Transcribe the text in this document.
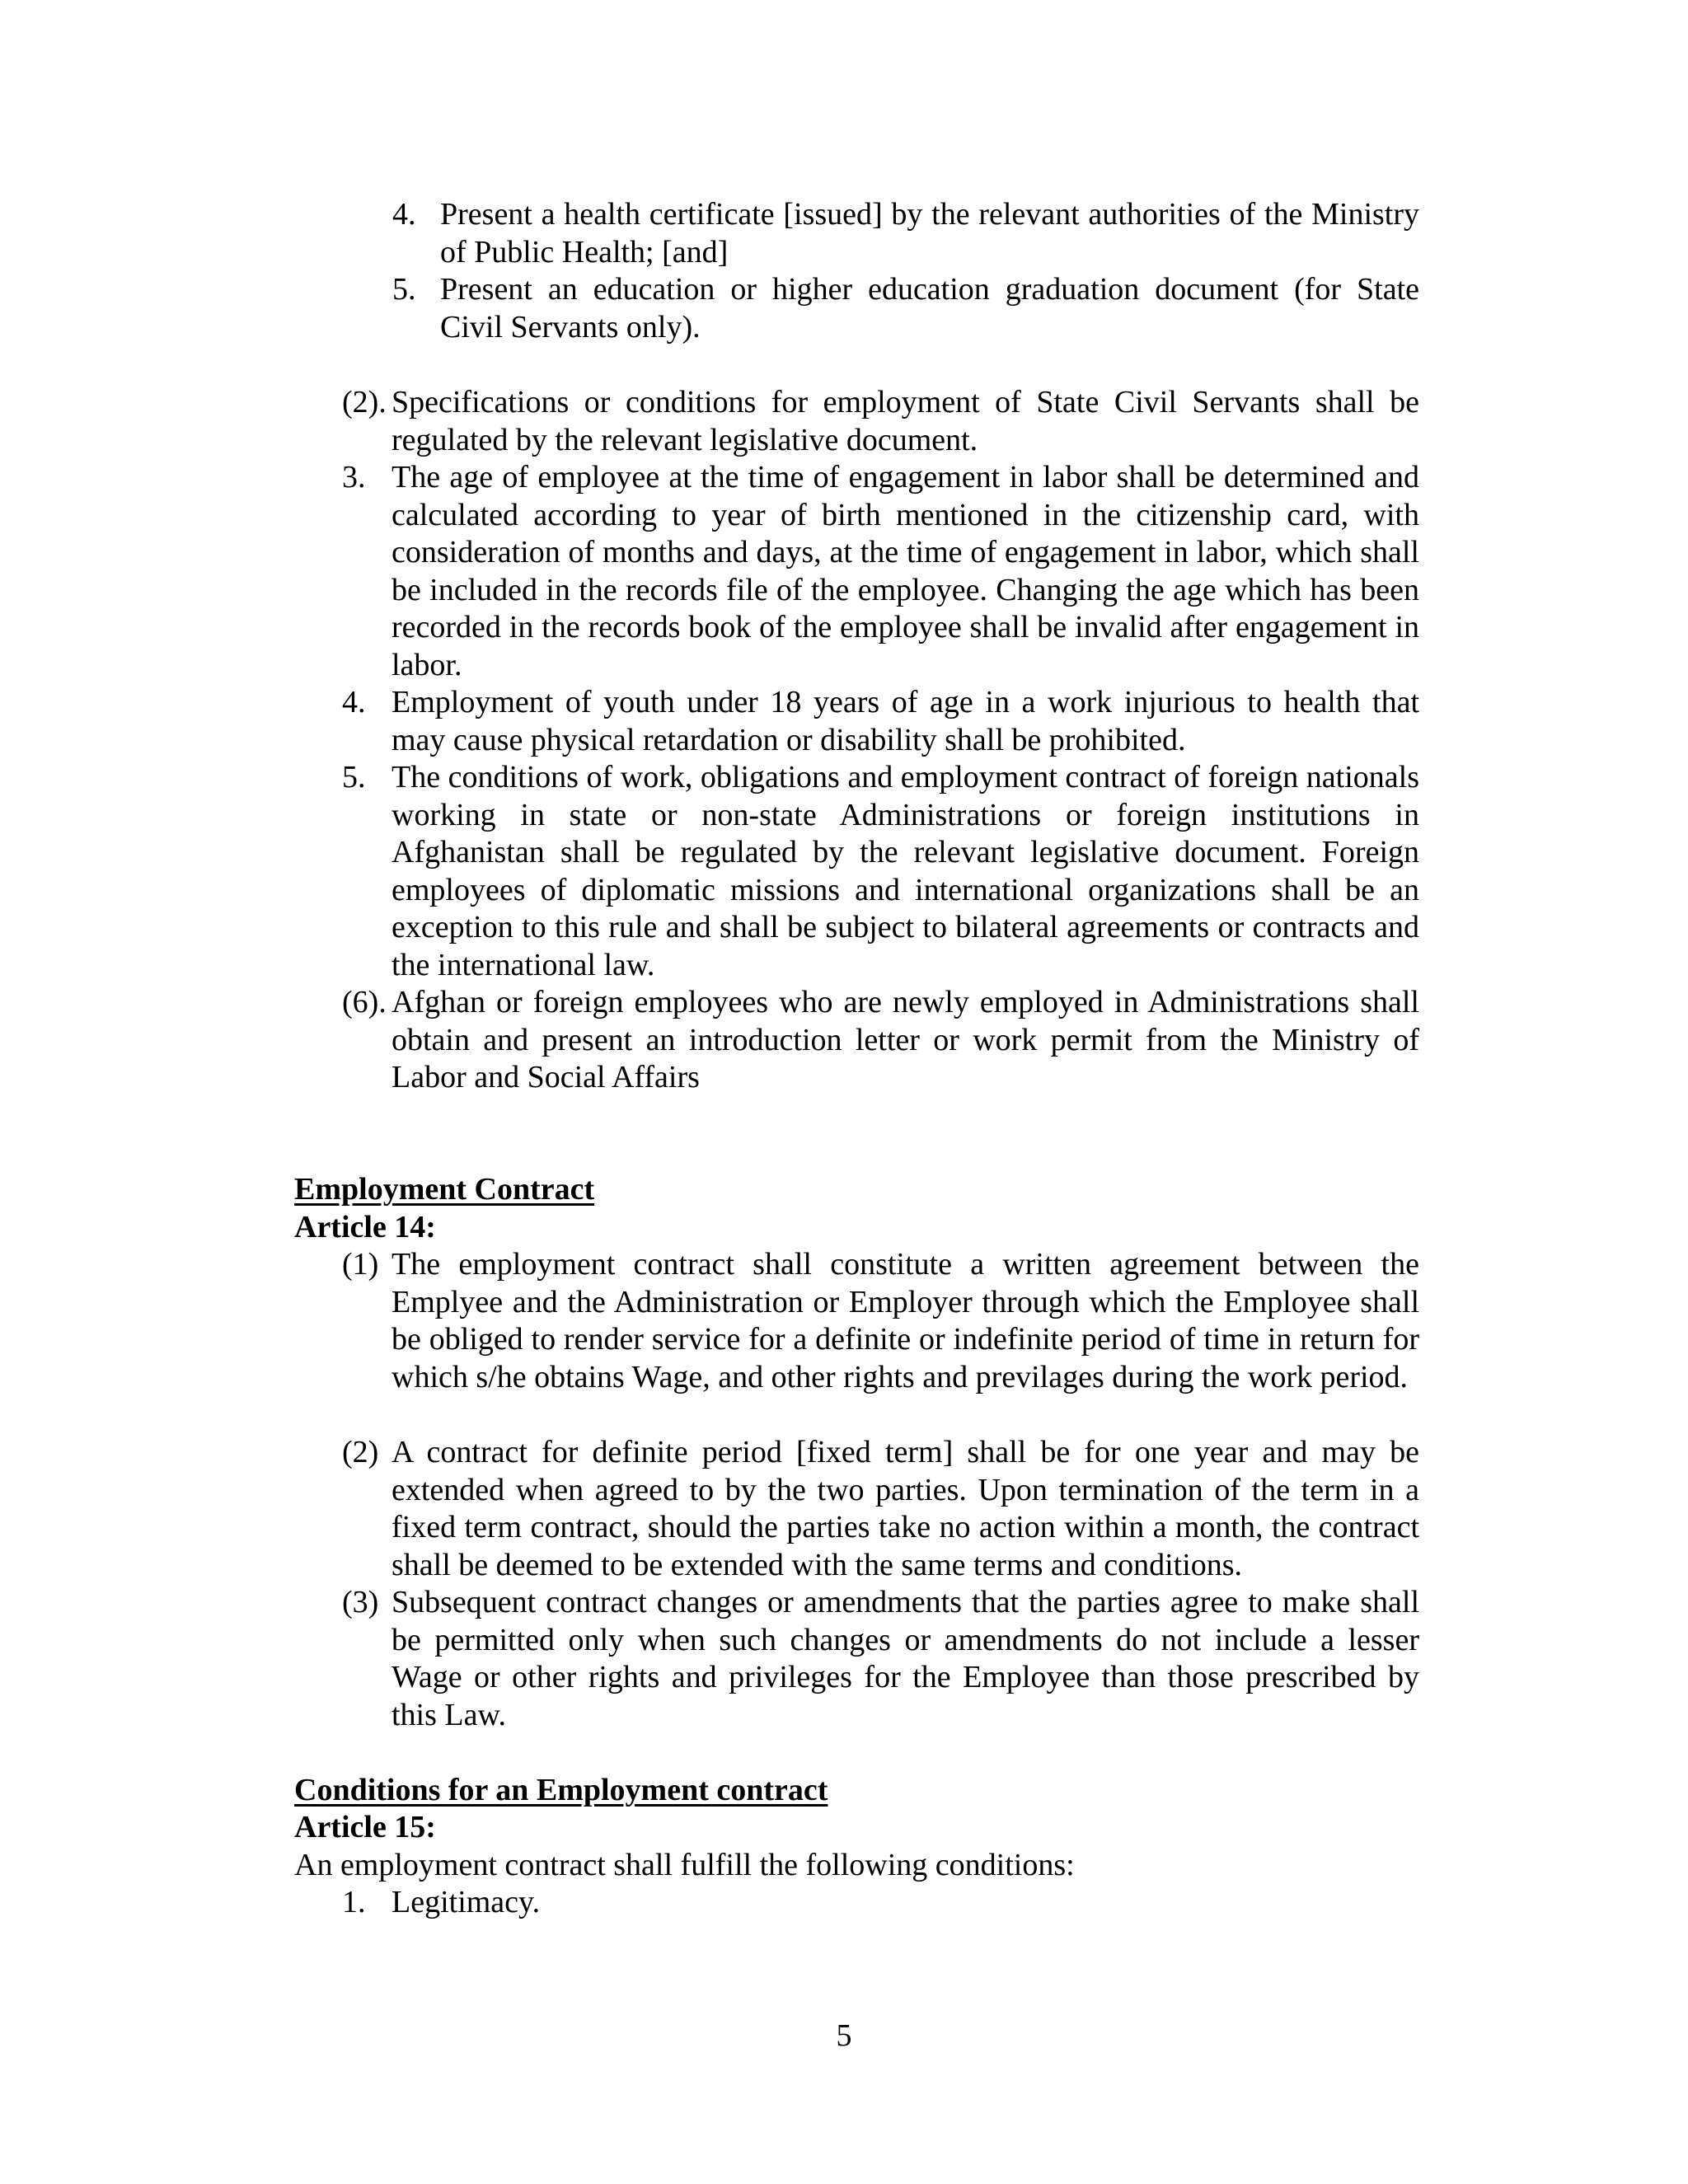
4. Present a health certificate [issued] by the relevant authorities of the Ministry of Public Health; [and]
5. Present an education or higher education graduation document (for State Civil Servants only).
(2). Specifications or conditions for employment of State Civil Servants shall be regulated by the relevant legislative document.
3. The age of employee at the time of engagement in labor shall be determined and calculated according to year of birth mentioned in the citizenship card, with consideration of months and days, at the time of engagement in labor, which shall be included in the records file of the employee. Changing the age which has been recorded in the records book of the employee shall be invalid after engagement in labor.
4. Employment of youth under 18 years of age in a work injurious to health that may cause physical retardation or disability shall be prohibited.
5. The conditions of work, obligations and employment contract of foreign nationals working in state or non-state Administrations or foreign institutions in Afghanistan shall be regulated by the relevant legislative document. Foreign employees of diplomatic missions and international organizations shall be an exception to this rule and shall be subject to bilateral agreements or contracts and the international law.
(6). Afghan or foreign employees who are newly employed in Administrations shall obtain and present an introduction letter or work permit from the Ministry of Labor and Social Affairs
Employment Contract
Article 14:
(1) The employment contract shall constitute a written agreement between the Emplyee and the Administration or Employer through which the Employee shall be obliged to render service for a definite or indefinite period of time in return for which s/he obtains Wage, and other rights and previlages during the work period.
(2) A contract for definite period [fixed term] shall be for one year and may be extended when agreed to by the two parties. Upon termination of the term in a fixed term contract, should the parties take no action within a month, the contract shall be deemed to be extended with the same terms and conditions.
(3) Subsequent contract changes or amendments that the parties agree to make shall be permitted only when such changes or amendments do not include a lesser Wage or other rights and privileges for the Employee than those prescribed by this Law.
Conditions for an Employment contract
Article 15:
An employment contract shall fulfill the following conditions:
1. Legitimacy.
5
